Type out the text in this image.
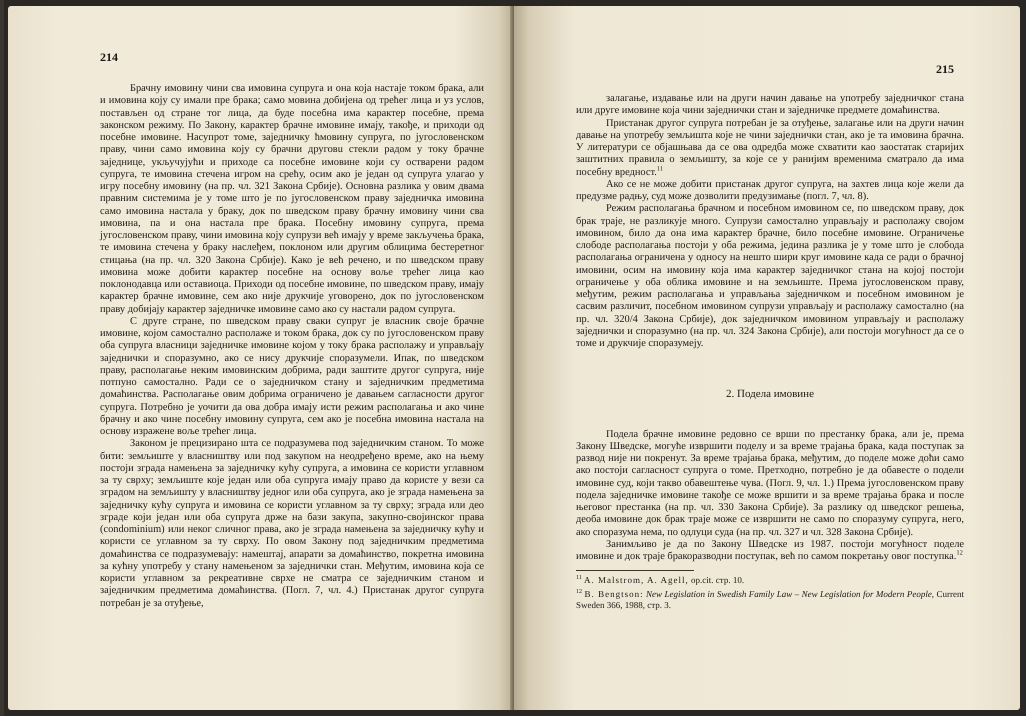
214

Брачну имовину чини сва имовина супруга и она која настаје током брака, али и имовина коју су имали пре брака; само мовина добијена од трећег лица и уз услов, постављен од стране тог лица, да буде посебна има карактер посебне, према законском режиму. По Закону, карактер брачне имовине имају, такође, и приходи од посебне имовине. Насупрот томе, заједничку ћмовину супруга, по југословенском праву, чини само имовина коју су брачни друговu стекли радом у току брачне заједнице, укључујући и приходе са посебне имовине који су остварени радом супруга, те имовина стечена игром на срећу, осим ако је један од супруга улагао у игру посебну имовину (на пр. чл. 321 Закона Србије). Основна разлика у овим двама правним системима је у томе што је по југословенском праву заједничка имовина само имовина настала у браку, док по шведском праву брачну имовину чини сва имовина, па и она настала пре брака. Посебну имовину супруга, према југословенском праву, чини имовина коју супрузи већ имају у време закључења брака, те имовина стечена у браку наслеђем, поклоном или другим облицима бестеретног стицања (на пр. чл. 320 Закона Србије). Како је већ речено, и по шведском праву имовина може добити карактер посебне на основу воље трећег лица као поклонодавца или оставиоца. Приходи од посебне имовине, по шведском праву, имају карактер брачне имовине, сем ако није друкчије уговорено, док по југословенском праву добијају карактер заједничке имовине само ако су настали радом супруга.

С друге стране, по шведском праву сваки супруг је власник своје брачне имовине, којом самостално располаже и током брака, док су по југословенском праву оба супруга власници заједничке имовине којом у току брака располажу и управљају заједнички и споразумно, ако се нису друкчије споразумели. Ипак, по шведском праву, располагање неким имовинским добрима, ради заштите другог супруга, није потпуно самостално. Ради се о заједничком стану и заједничким предметима домаћинства. Располагање овим добрима ограничено је давањем сагласности другог супруга. Потребно је уочити да ова добра имају исти режим располагања и ако чине брачну и ако чине посебну имовину супруга, сем ако је посебна имовина настала на основу изражене воље трећег лица.

Законом је прецизирано шта се подразумева под заједничким станом. То може бити: земљиште у власништву или под закупом на неодређено време, ако на њему постоји зграда намењена за заједничку кућу супруга, а имовина се користи углавном за ту сврху; земљиште које један или оба супруга имају право да користе у вези са зградом на земљишту у власништву једног или оба супруга, ако је зграда намењена за заједничку кућу супруга и имовина се користи углавном за ту сврху; зграда или део зграде који један или оба супруга држе на бази закупа, закупно-својинског права (condominium) или неког сличног права, ако је зграда намењена за заједничку кућу и користи се углавном за ту сврху. По овом Закону под заједничким предметима домаћинства се подразумевају: намештај, апарати за домаћинство, покретна имовина за кућну употребу у стану намењеном за заједнички стан. Међутим, имовина која се користи углавном за рекреативне сврхе не сматра се заједничким станом и заједничким предметима домаћинства. (Погл. 7, чл. 4.) Пристанак другог супруга потребан је за отуђење,

215

залагање, издавање или на други начин давање на употребу заједничког стана или друге имовине која чини заједнички стан и заједничке предмете домаћинства.

Пристанак другог супруга потребан је за отуђење, залагање или на други начин давање на употребу земљишта које не чини заједнички стан, ако је та имовина брачна. У литератури се објашњава да се ова одредба може схватити као заостатак старијих заштитних правила о земљишту, за које се у ранијим временима сматрало да има посебну вредност.$^{11}$

Ако се не може добити пристанак другог супруга, на захтев лица које жели да предузме радњу, суд може дозволити предузимање (погл. 7, чл. 8).

Режим располагања брачном и посебном имовином се, по шведском праву, док брак траје, не разликује много. Супрузи самостално управљају и располажу својом имовином, било да она има карактер брачне, било посебне имовине. Ограничење слободе располагања постоји у оба режима, једина разлика је у томе што је слобода располагања ограничена у односу на нешто шири круг имовине када се ради о брачној имовини, осим на имовину која има карактер заједничког стана на којој постоји ограничење у оба облика имовине и на земљиште. Према југословенском праву, међутим, режим располагања и управљања заједничком и посебном имовином је сасвим различит, посебном имовином супрузи управљају и располажу самостално (на пр. чл. 320/4 Закона Србије), док заједничком имовином управљају и располажу заједнички и споразумно (на пр. чл. 324 Закона Србије), али постоји могућност да се о томе и друкчије споразумеју.

2. Подела имовине

Подела брачне имовине редовно се врши по престанку брака, али је, према Закону Шведске, могуће извршити поделу и за време трајања брака, када поступак за развод није ни покренут. За време трајања брака, међутим, до поделе може доћи само ако постоји сагласност супруга о томе. Претходно, потребно је да обавесте о подели имовине суд, који такво обавештење чува. (Погл. 9, чл. 1.) Према југословенском праву подела заједничке имовине такође се може вршити и за време трајања брака и после његовог престанка (на пр. чл. 330 Закона Србије). За разлику од шведског решења, деоба имовине док брак траје може се извршити не само по споразуму супруга, него, ако споразума нема, по одлуци суда (на пр. чл. 327 и чл. 328 Закона Србије).

Занимљиво је да по Закону Шведске из 1987. постоји могућност поделе имовине и док траје бракоразводни поступак, већ по самом покретању овог поступка.$^{12}$

$^{11}$ A. Malstrom, A. Agell, op.cit. стр. 10.

$^{12}$ B. Bengtson: New Legislation in Swedish Family Law – New Legislation for Modern People, Current Sweden 366, 1988, стр. 3.
